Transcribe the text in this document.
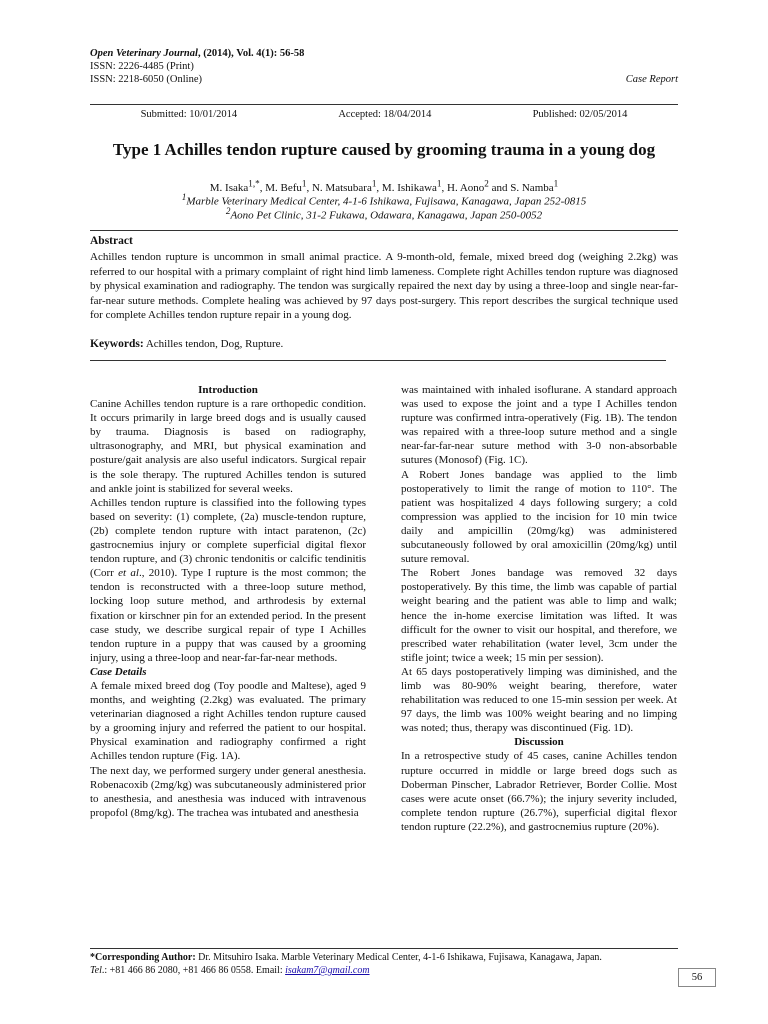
Open Veterinary Journal, (2014), Vol. 4(1): 56-58
ISSN: 2226-4485 (Print)
ISSN: 2218-6050 (Online)	Case Report
Submitted: 10/01/2014	Accepted: 18/04/2014	Published: 02/05/2014
Type 1 Achilles tendon rupture caused by grooming trauma in a young dog
M. Isaka$^{1,*}$, M. Befu$^1$, N. Matsubara$^1$, M. Ishikawa$^1$, H. Aono$^2$ and S. Namba$^1$
$^1$Marble Veterinary Medical Center, 4-1-6 Ishikawa, Fujisawa, Kanagawa, Japan 252-0815
$^2$Aono Pet Clinic, 31-2 Fukawa, Odawara, Kanagawa, Japan 250-0052
Abstract
Achilles tendon rupture is uncommon in small animal practice. A 9-month-old, female, mixed breed dog (weighing 2.2kg) was referred to our hospital with a primary complaint of right hind limb lameness. Complete right Achilles tendon rupture was diagnosed by physical examination and radiography. The tendon was surgically repaired the next day by using a three-loop and single near-far-far-near suture methods. Complete healing was achieved by 97 days post-surgery. This report describes the surgical technique used for complete Achilles tendon rupture repair in a young dog.
Keywords: Achilles tendon, Dog, Rupture.

Introduction

Canine Achilles tendon rupture is a rare orthopedic condition. It occurs primarily in large breed dogs and is usually caused by trauma. Diagnosis is based on radiography, ultrasonography, and MRI, but physical examination and posture/gait analysis are also useful indicators. Surgical repair is the sole therapy. The ruptured Achilles tendon is sutured and ankle joint is stabilized for several weeks.

Achilles tendon rupture is classified into the following types based on severity: (1) complete, (2a) muscle-tendon rupture, (2b) complete tendon rupture with intact paratenon, (2c) gastrocnemius injury or complete superficial digital flexor tendon rupture, and (3) chronic tendonitis or calcific tendinitis (Corr et al., 2010). Type I rupture is the most common; the tendon is reconstructed with a three-loop suture method, locking loop suture method, and arthrodesis by external fixation or kirschner pin for an extended period. In the present case study, we describe surgical repair of type I Achilles tendon rupture in a puppy that was caused by a grooming injury, using a three-loop and near-far-far-near methods.

Case Details

A female mixed breed dog (Toy poodle and Maltese), aged 9 months, and weighting (2.2kg) was evaluated. The primary veterinarian diagnosed a right Achilles tendon rupture caused by a grooming injury and referred the patient to our hospital. Physical examination and radiography confirmed a right Achilles tendon rupture (Fig. 1A).

The next day, we performed surgery under general anesthesia. Robenacoxib (2mg/kg) was subcutaneously administered prior to anesthesia, and anesthesia was induced with intravenous propofol (8mg/kg). The trachea was intubated and anesthesia

was maintained with inhaled isoflurane. A standard approach was used to expose the joint and a type I Achilles tendon rupture was confirmed intra-operatively (Fig. 1B). The tendon was repaired with a three-loop suture method and a single near-far-far-near suture method with 3-0 non-absorbable sutures (Monosof) (Fig. 1C).

A Robert Jones bandage was applied to the limb postoperatively to limit the range of motion to 110°. The patient was hospitalized 4 days following surgery; a cold compression was applied to the incision for 10 min twice daily and ampicillin (20mg/kg) was administered subcutaneously followed by oral amoxicillin (20mg/kg) until suture removal.

The Robert Jones bandage was removed 32 days postoperatively. By this time, the limb was capable of partial weight bearing and the patient was able to limp and walk; hence the in-home exercise limitation was lifted. It was difficult for the owner to visit our hospital, and therefore, we prescribed water rehabilitation (water level, 3cm under the stifle joint; twice a week; 15 min per session).

At 65 days postoperatively limping was diminished, and the limb was 80-90% weight bearing, therefore, water rehabilitation was reduced to one 15-min session per week. At 97 days, the limb was 100% weight bearing and no limping was noted; thus, therapy was discontinued (Fig. 1D).

Discussion

In a retrospective study of 45 cases, canine Achilles tendon rupture occurred in middle or large breed dogs such as Doberman Pinscher, Labrador Retriever, Border Collie. Most cases were acute onset (66.7%); the injury severity included, complete tendon rupture (26.7%), superficial digital flexor tendon rupture (22.2%), and gastrocnemius rupture (20%).

*Corresponding Author: Dr. Mitsuhiro Isaka. Marble Veterinary Medical Center, 4-1-6 Ishikawa, Fujisawa, Kanagawa, Japan.
Tel.: +81 466 86 2080, +81 466 86 0558. Email: isakam7@gmail.com
56
